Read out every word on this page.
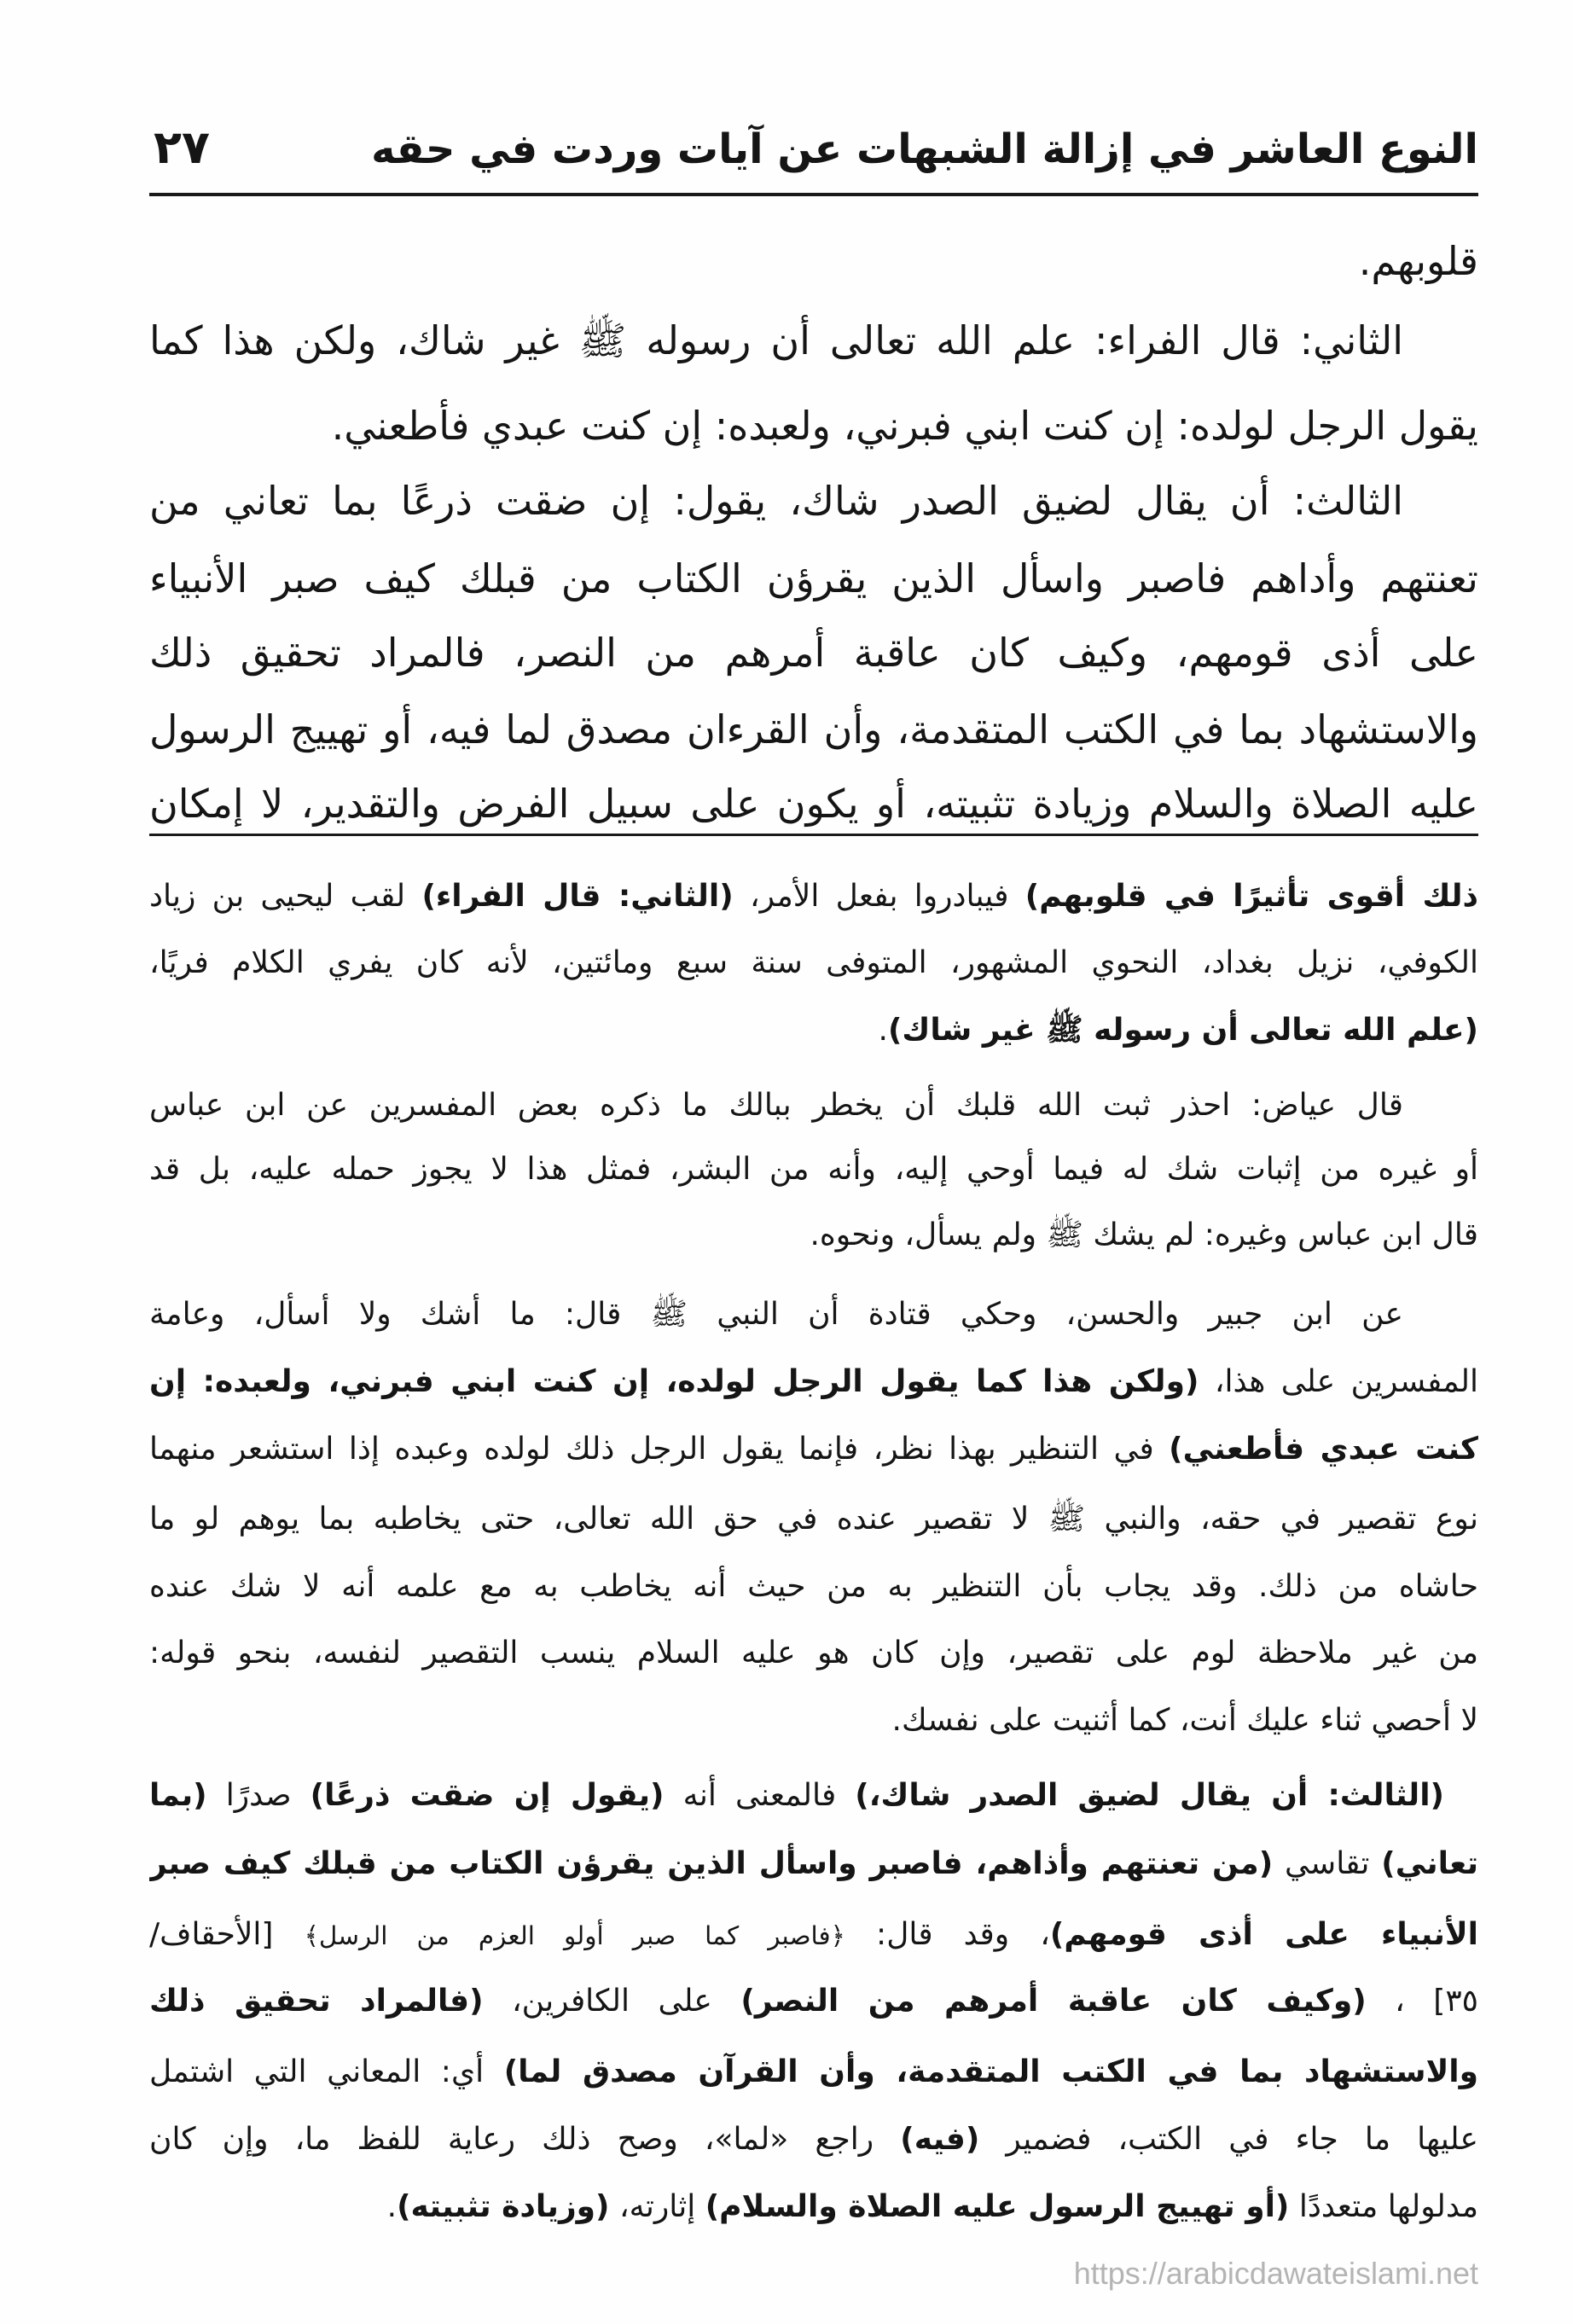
٢٧	النوع العاشر في إزالة الشبهات عن آيات وردت في حقه
قلوبهم.
الثاني: قال الفراء: علم الله تعالى أن رسوله ﷺ غير شاك، ولكن هذا كما
يقول الرجل لولده: إن كنت ابني فبرني، ولعبده: إن كنت عبدي فأطعني.
الثالث: أن يقال لضيق الصدر شاك، يقول: إن ضقت ذرعًا بما تعاني من
تعنتهم وأداهم فاصبر واسأل الذين يقرؤن الكتاب من قبلك كيف صبر الأنبياء
على أذى قومهم، وكيف كان عاقبة أمرهم من النصر، فالمراد تحقيق ذلك
والاستشهاد بما في الكتب المتقدمة، وأن القرءان مصدق لما فيه، أو تهييج الرسول
عليه الصلاة والسلام وزيادة تثبيته، أو يكون على سبيل الفرض والتقدير، لا إمكان
ذلك أقوى تأثيرًا في قلوبهم) فيبادروا بفعل الأمر، (الثاني: قال الفراء) لقب ليحيى بن زياد
الكوفي، نزيل بغداد، النحوي المشهور، المتوفى سنة سبع ومائتين، لأنه كان يفري الكلام فريًا،
(علم الله تعالى أن رسوله ﷺ غير شاك).
قال عياض: احذر ثبت الله قلبك أن يخطر ببالك ما ذكره بعض المفسرين عن ابن عباس
أو غيره من إثبات شك له فيما أوحي إليه، وأنه من البشر، فمثل هذا لا يجوز حمله عليه، بل قد
قال ابن عباس وغيره: لم يشك ﷺ ولم يسأل، ونحوه.
عن ابن جبير والحسن، وحكي قتادة أن النبي ﷺ قال: ما أشك ولا أسأل، وعامة
المفسرين على هذا، (ولكن هذا كما يقول الرجل لولده، إن كنت ابني فبرني، ولعبده: إن
كنت عبدي فأطعني) في التنظير بهذا نظر، فإنما يقول الرجل ذلك لولده وعبده إذا استشعر منهما
نوع تقصير في حقه، والنبي ﷺ لا تقصير عنده في حق الله تعالى، حتى يخاطبه بما يوهم لو ما
حاشاه من ذلك. وقد يجاب بأن التنظير به من حيث أنه يخاطب به مع علمه أنه لا شك عنده
من غير ملاحظة لوم على تقصير، وإن كان هو عليه السلام ينسب التقصير لنفسه، بنحو قوله:
لا أحصي ثناء عليك أنت، كما أثنيت على نفسك.
(الثالث: أن يقال لضيق الصدر شاك،) فالمعنى أنه (يقول إن ضقت ذرعًا) صدرًا (بما
تعاني) تقاسي (من تعنتهم وأذاهم، فاصبر واسأل الذين يقرؤن الكتاب من قبلك كيف صبر
الأنبياء على أذى قومهم)، وقد قال: ﴿فاصبر كما صبر أولو العزم من الرسل﴾ [الأحقاف/
٣٥] ، (وكيف كان عاقبة أمرهم من النصر) على الكافرين، (فالمراد تحقيق ذلك
والاستشهاد بما في الكتب المتقدمة، وأن القرآن مصدق لما) أي: المعاني التي اشتمل
عليها ما جاء في الكتب، فضمير (فيه) راجع «لما»، وصح ذلك رعاية للفظ ما، وإن كان
مدلولها متعددًا (أو تهييج الرسول عليه الصلاة والسلام) إثارته، (وزيادة تثبيته).
https://arabicdawateislami.net
